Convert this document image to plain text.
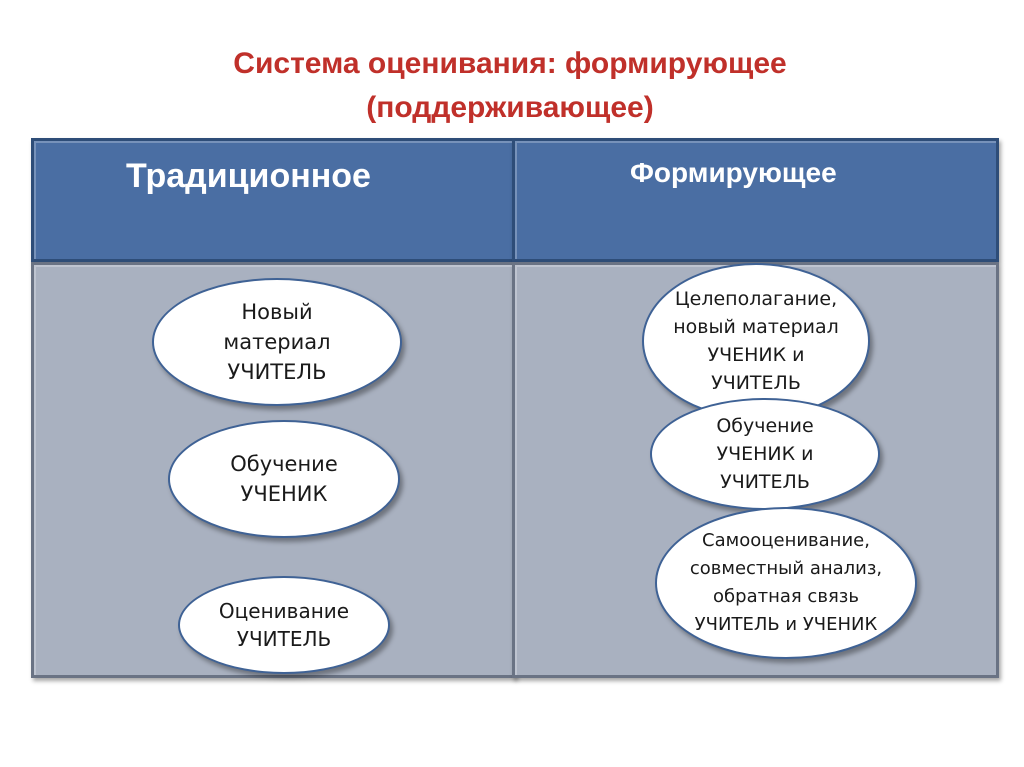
Система оценивания: формирующее
(поддерживающее)
Традиционное	Формирующее
Новый
материал
УЧИТЕЛЬ
Обучение
УЧЕНИК
Оценивание
УЧИТЕЛЬ
Целеполагание,
новый материал
УЧЕНИК и
УЧИТЕЛЬ
Обучение
УЧЕНИК и
УЧИТЕЛЬ
Самооценивание,
совместный анализ,
обратная связь
УЧИТЕЛЬ и УЧЕНИК
